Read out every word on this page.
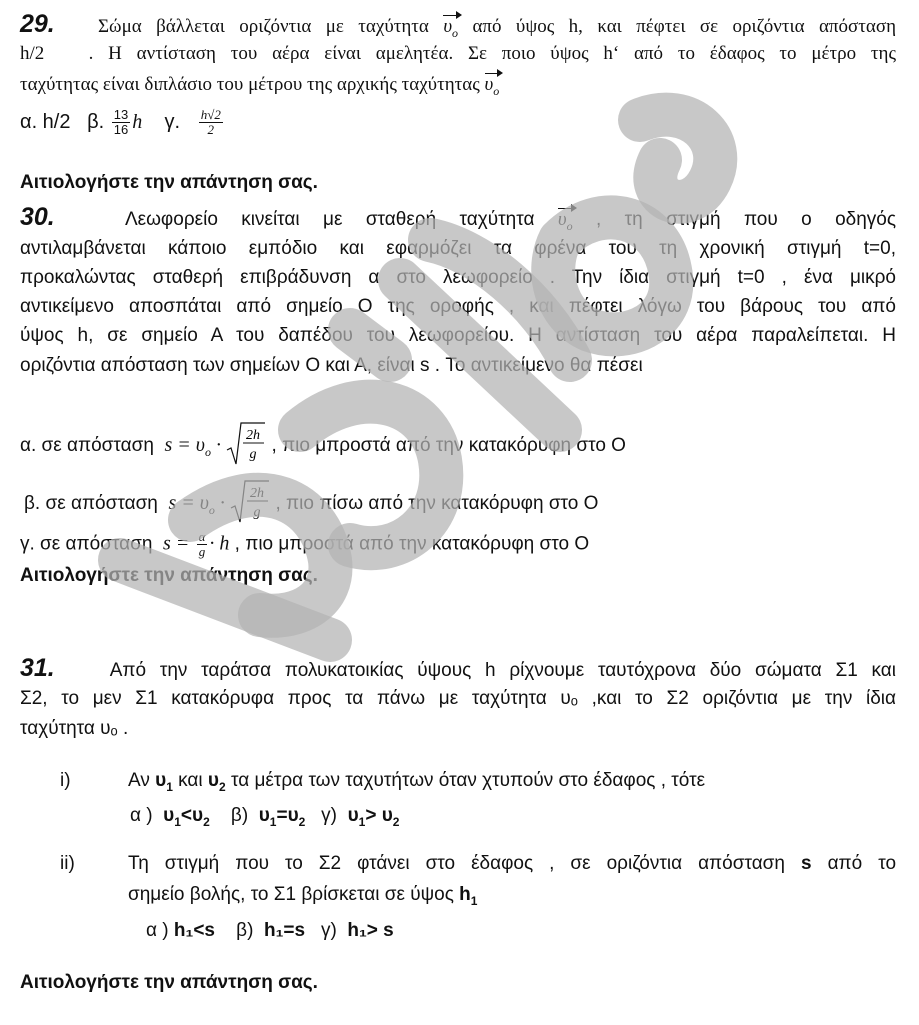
29. Σώμα βάλλεται οριζόντια με ταχύτητα $\upsilon_o$ από ύψος h, και πέφτει σε οριζόντια απόσταση
h/2 . Η αντίσταση του αέρα είναι αμελητέα. Σε ποιο ύψος h‘ από το έδαφος το μέτρο της
ταχύτητας είναι διπλάσιο του μέτρου της αρχικής ταχύτητας $\upsilon_o$
α. h/2 β. $\frac{13}{16}$ h γ. $\frac{h√2}{2}$
Αιτιολογήστε την απάντηση σας.
30.	Λεωφορείο κινείται με σταθερή ταχύτητα $\upsilon_o$ , τη στιγμή που ο οδηγός
αντιλαμβάνεται κάποιο εμπόδιο και εφαρμόζει τα φρένα του τη χρονική στιγμή t=0,
προκαλώντας σταθερή επιβράδυνση α στο λεωφορείο . Την ίδια στιγμή t=0 , ένα μικρό
αντικείμενο αποσπάται από σημείο Ο της οροφής , και πέφτει λόγω του βάρους του από
ύψος h, σε σημείο Α του δαπέδου του λεωφορείου. Η αντίσταση του αέρα παραλείπεται. Η
οριζόντια απόσταση των σημείων Ο και Α, είναι s . Το αντικείμενο θα πέσει
α. σε απόσταση $s = \upsilon_o \cdot 2h$
g , πιο μπροστά από την κατακόρυφη στο Ο
β. σε απόσταση $s = \upsilon_o \cdot 2h$
g , πιο πίσω από την κατακόρυφη στο Ο
γ. σε απόσταση $s = \frac{\alpha}{g} \cdot h$ , πιο μπροστά από την κατακόρυφη στο Ο
Αιτιολογήστε την απάντηση σας.
31.	Από την ταράτσα πολυκατοικίας ύψους h ρίχνουμε ταυτόχρονα δύο σώματα Σ1 και
Σ2, το μεν Σ1 κατακόρυφα προς τα πάνω με ταχύτητα υₒ ,και το Σ2 οριζόντια με την ίδια
ταχύτητα υₒ .
i)	Αν $\upsilon_1$ και $\upsilon_2$ τα μέτρα των ταχυτήτων όταν χτυπούν στο έδαφος , τότε
α ) $\upsilon_1<\upsilon_2$ β) $\upsilon_1=\upsilon_2$ γ) $\upsilon_1> \upsilon_2$
ii)	Τη στιγμή που το Σ2 φτάνει στο έδαφος , σε οριζόντια απόσταση s από το
σημείο βολής, το Σ1 βρίσκεται σε ύψος $h_1$
α ) h₁<s β) h₁=s γ) h₁> s
Αιτιολογήστε την απάντηση σας.
